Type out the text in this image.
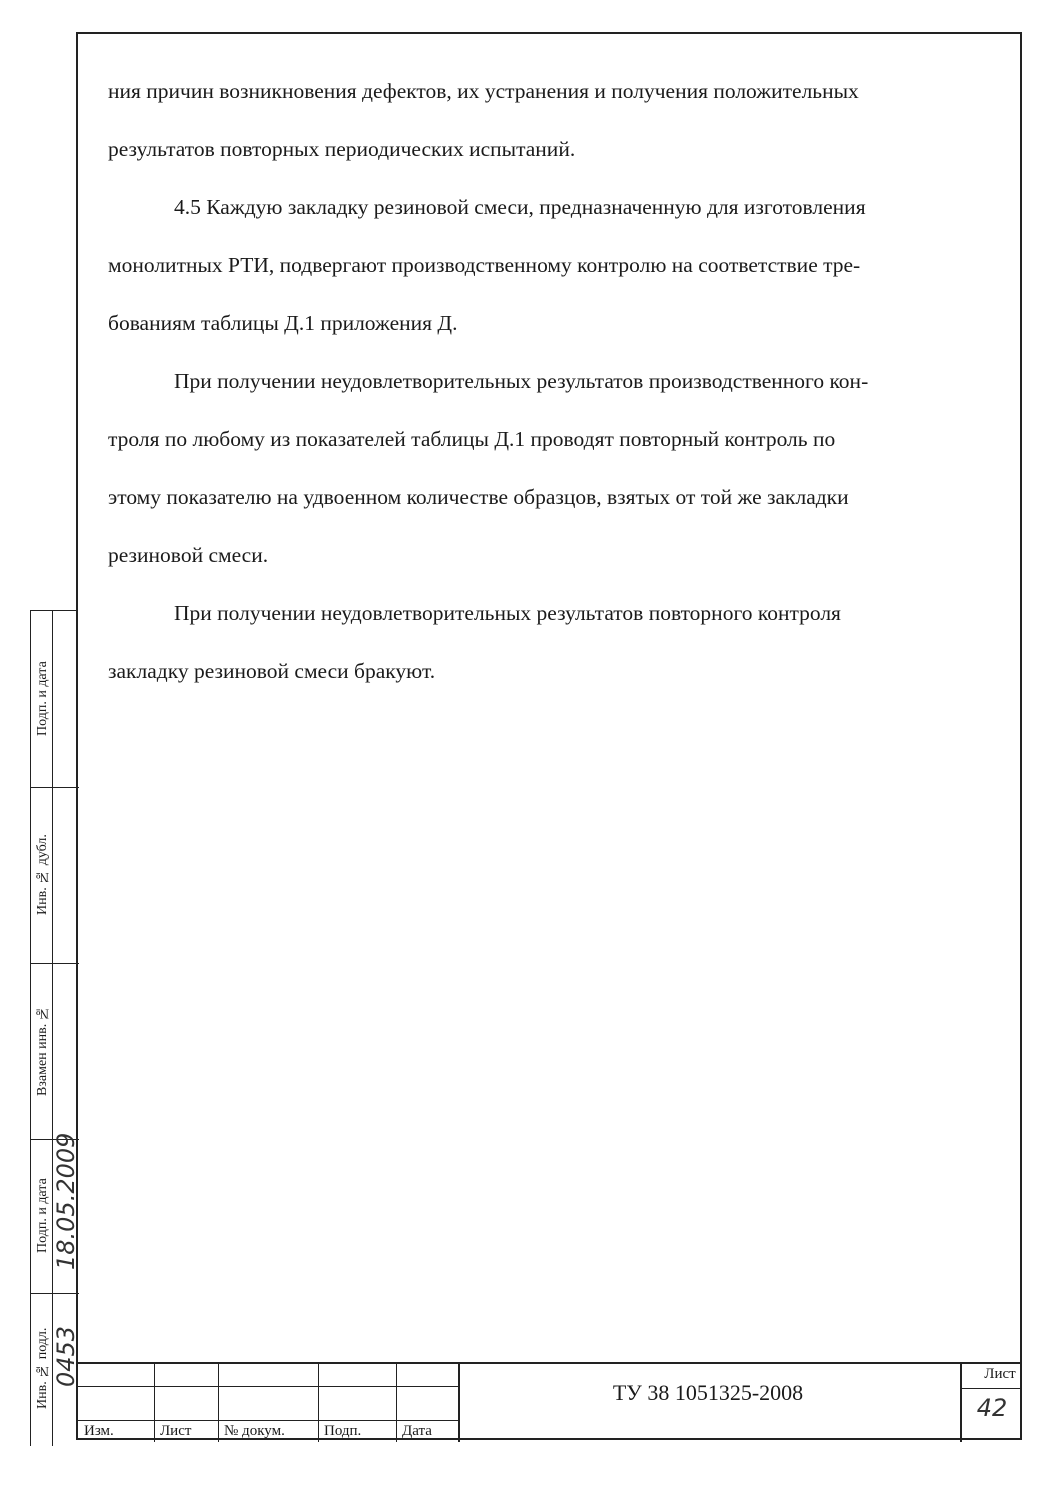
ния причин возникновения дефектов, их устранения и получения положительных
результатов повторных периодических испытаний.

4.5 Каждую закладку резиновой смеси, предназначенную для изготовления
монолитных РТИ, подвергают производственному контролю на соответствие тре-
бованиям таблицы Д.1 приложения Д.

При получении неудовлетворительных результатов производственного кон-
троля по любому из показателей таблицы Д.1 проводят повторный контроль по
этому показателю на удвоенном количестве образцов, взятых от той же закладки
резиновой смеси.

При получении неудовлетворительных результатов повторного контроля
закладку резиновой смеси бракуют.

Подп. и дата
Инв. № дубл.
Взамен инв. №
Подп. и дата
Инв. № подл.
18.05.2009
0453
Изм.	Лист № докум.	Подп.	Дата
ТУ 38 1051325-2008
Лист
42
